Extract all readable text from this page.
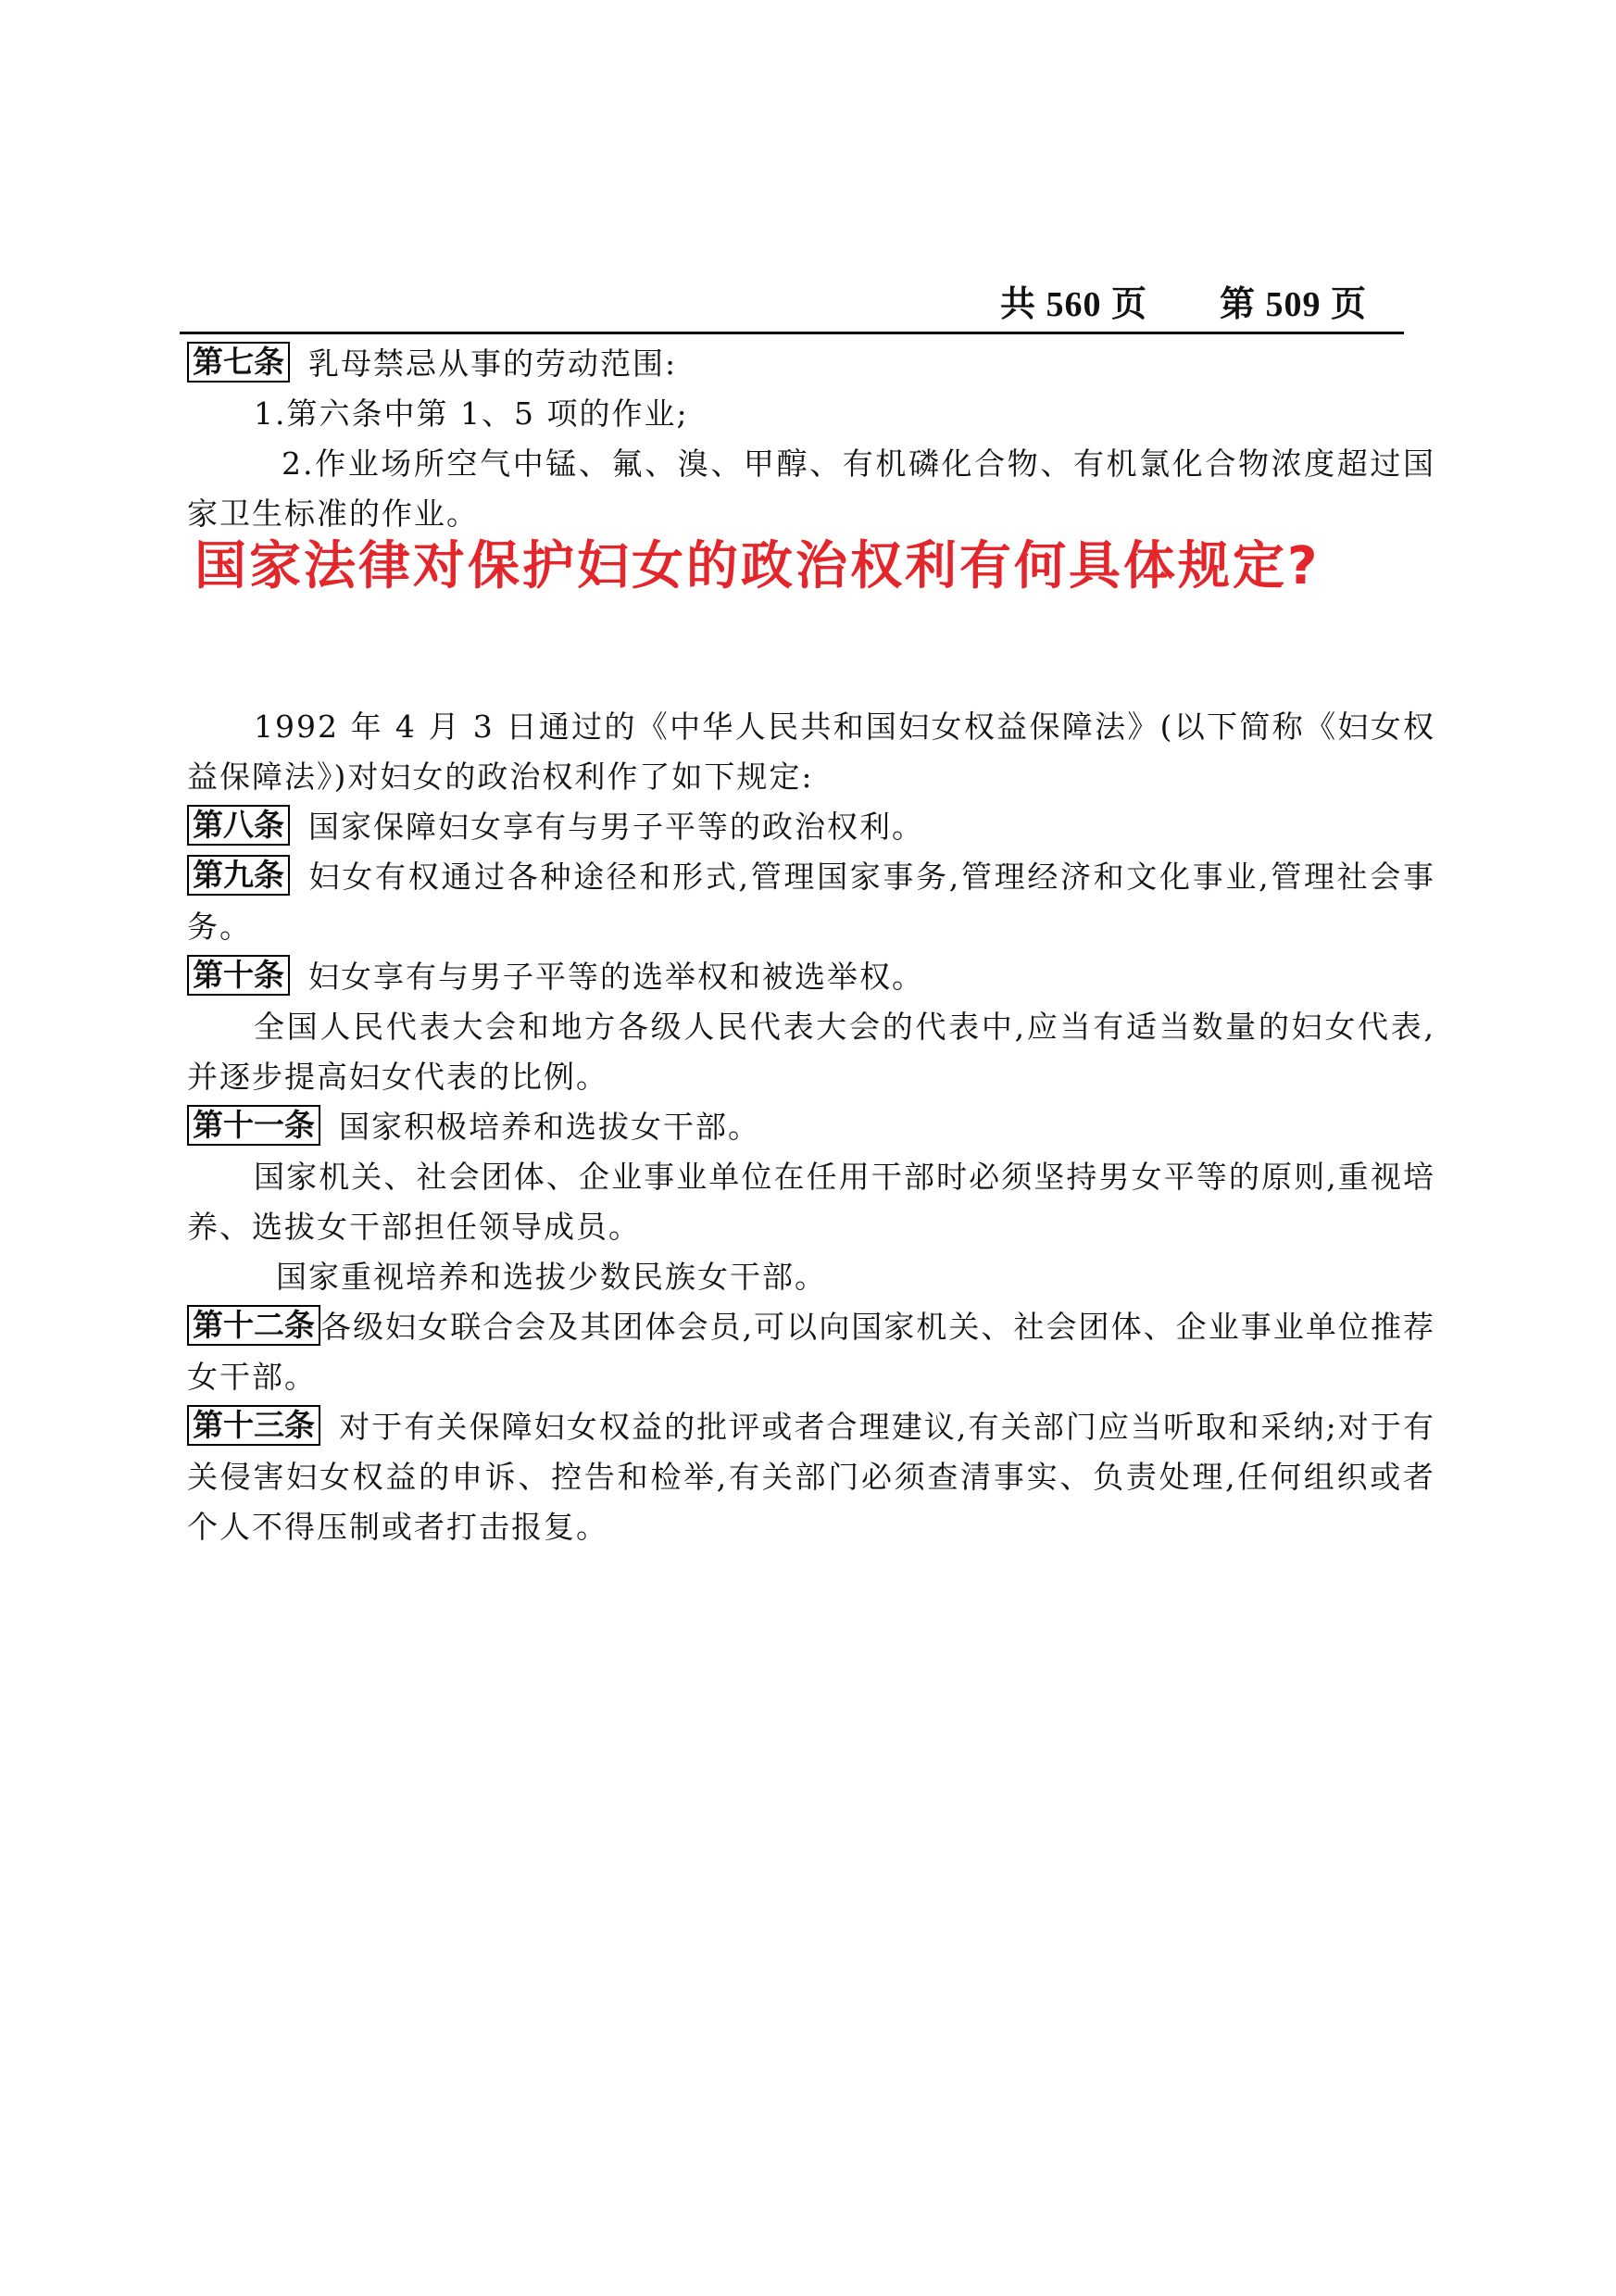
共 560 页 第 509 页
第七条 乳母禁忌从事的劳动范围:
1.第六条中第 1、5 项的作业;
2.作业场所空气中锰、氟、溴、甲醇、有机磷化合物、有机氯化合物浓度超过国家卫生标准的作业。
国家法律对保护妇女的政治权利有何具体规定?
1992 年 4 月 3 日通过的《中华人民共和国妇女权益保障法》(以下简称《妇女权益保障法》)对妇女的政治权利作了如下规定:
第八条 国家保障妇女享有与男子平等的政治权利。
第九条 妇女有权通过各种途径和形式,管理国家事务,管理经济和文化事业,管理社会事务。
第十条 妇女享有与男子平等的选举权和被选举权。
全国人民代表大会和地方各级人民代表大会的代表中,应当有适当数量的妇女代表,并逐步提高妇女代表的比例。
第十一条 国家积极培养和选拔女干部。
国家机关、社会团体、企业事业单位在任用干部时必须坚持男女平等的原则,重视培养、选拔女干部担任领导成员。
国家重视培养和选拔少数民族女干部。
第十二条 各级妇女联合会及其团体会员,可以向国家机关、社会团体、企业事业单位推荐女干部。
第十三条 对于有关保障妇女权益的批评或者合理建议,有关部门应当听取和采纳;对于有关侵害妇女权益的申诉、控告和检举,有关部门必须查清事实、负责处理,任何组织或者个人不得压制或者打击报复。
